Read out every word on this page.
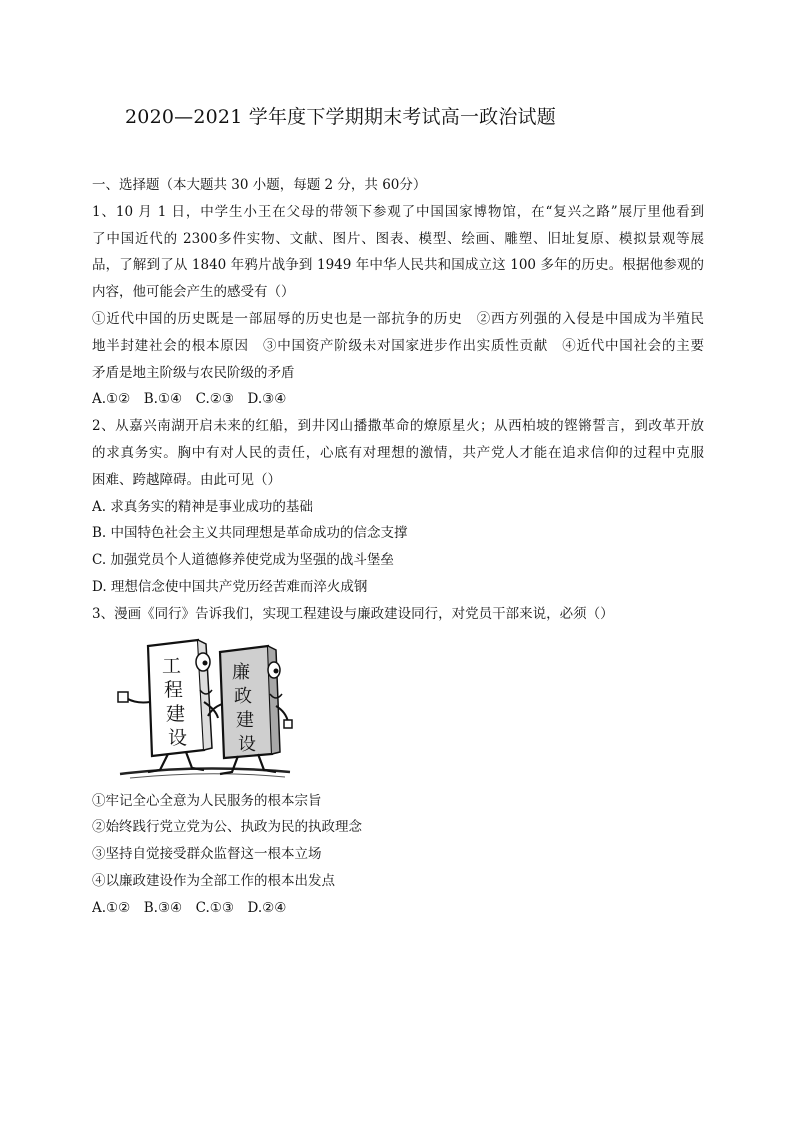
2020—2021 学年度下学期期末考试高一政治试题
一、选择题（本大题共 30 小题，每题 2 分，共 60分）
1、10 月 1 日，中学生小王在父母的带领下参观了中国国家博物馆，在“复兴之路”展厅里他看到
了中国近代的 2300多件实物、文献、图片、图表、模型、绘画、雕塑、旧址复原、模拟景观等展
品，了解到了从 1840 年鸦片战争到 1949 年中华人民共和国成立这 100 多年的历史。根据他参观的
内容，他可能会产生的感受有（）
①近代中国的历史既是一部屈辱的历史也是一部抗争的历史　②西方列强的入侵是中国成为半殖民
地半封建社会的根本原因　③中国资产阶级未对国家进步作出实质性贡献　④近代中国社会的主要
矛盾是地主阶级与农民阶级的矛盾
A.①②　B.①④　C.②③　D.③④
2、从嘉兴南湖开启未来的红船，到井冈山播撒革命的燎原星火；从西柏坡的铿锵誓言，到改革开放
的求真务实。胸中有对人民的责任，心底有对理想的激情，共产党人才能在追求信仰的过程中克服
困难、跨越障碍。由此可见（）
A. 求真务实的精神是事业成功的基础
B. 中国特色社会主义共同理想是革命成功的信念支撑
C. 加强党员个人道德修养使党成为坚强的战斗堡垒
D. 理想信念使中国共产党历经苦难而淬火成钢
3、漫画《同行》告诉我们，实现工程建设与廉政建设同行，对党员干部来说，必须（）
工
程
建
设
廉
政
建
设
①牢记全心全意为人民服务的根本宗旨
②始终践行党立党为公、执政为民的执政理念
③坚持自觉接受群众监督这一根本立场
④以廉政建设作为全部工作的根本出发点
A.①②　B.③④　C.①③　D.②④
